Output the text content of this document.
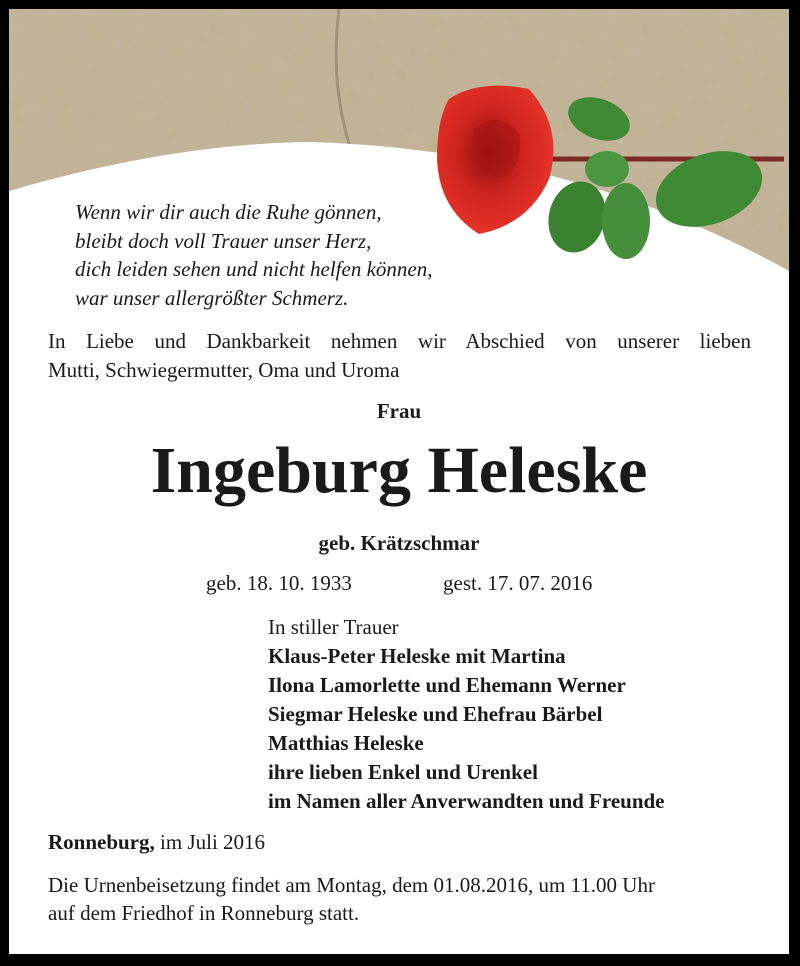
Wenn wir dir auch die Ruhe gönnen,
bleibt doch voll Trauer unser Herz,
dich leiden sehen und nicht helfen können,
war unser allergrößter Schmerz.
In Liebe und Dankbarkeit nehmen wir Abschied von unserer lieben
Mutti, Schwiegermutter, Oma und Uroma
Frau
Ingeburg Heleske
geb. Krätzschmar
geb. 18. 10. 1933	gest. 17. 07. 2016
In stiller Trauer
Klaus-Peter Heleske mit Martina
Ilona Lamorlette und Ehemann Werner
Siegmar Heleske und Ehefrau Bärbel
Matthias Heleske
ihre lieben Enkel und Urenkel
im Namen aller Anverwandten und Freunde
Ronneburg, im Juli 2016
Die Urnenbeisetzung findet am Montag, dem 01.08.2016, um 11.00 Uhr
auf dem Friedhof in Ronneburg statt.
